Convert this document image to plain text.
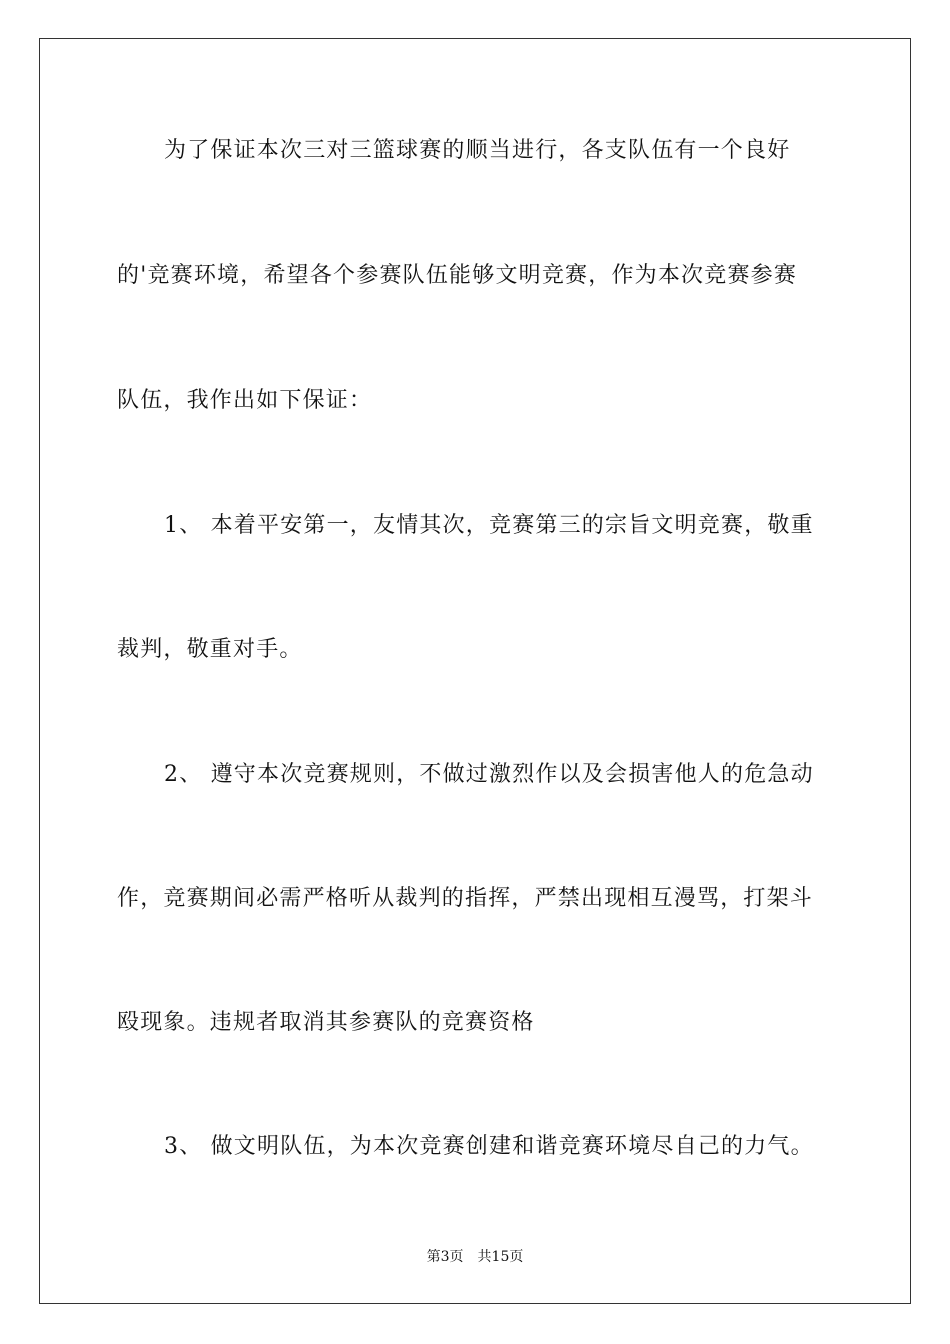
为了保证本次三对三篮球赛的顺当进行，各支队伍有一个良好
的'竞赛环境，希望各个参赛队伍能够文明竞赛，作为本次竞赛参赛
队伍，我作出如下保证：
1、 本着平安第一，友情其次，竞赛第三的宗旨文明竞赛，敬重
裁判，敬重对手。
2、 遵守本次竞赛规则，不做过激烈作以及会损害他人的危急动
作，竞赛期间必需严格听从裁判的指挥，严禁出现相互漫骂，打架斗
殴现象。违规者取消其参赛队的竞赛资格
3、 做文明队伍，为本次竞赛创建和谐竞赛环境尽自己的力气。
第3页 共15页
